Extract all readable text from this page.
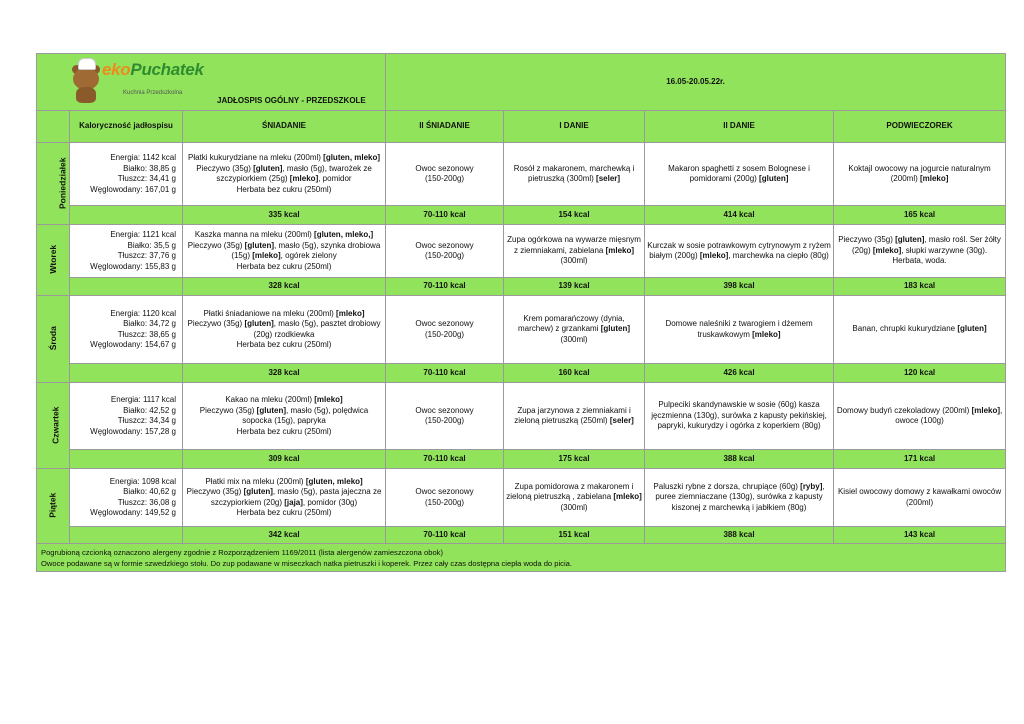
ekoPuchatek
Kuchnia Przedszkolna
JADŁOSPIS OGÓLNY - PRZEDSZKOLE			16.05-20.05.22r.			
	Kaloryczność jadłospisu	ŚNIADANIE	II ŚNIADANIE	I DANIE	II DANIE	PODWIECZOREK
Poniedziałek	Energia: 1142 kcal
Białko: 38,85 g
Tłuszcz: 34,41 g
Węglowodany: 167,01 g	Płatki kukurydziane na mleku (200ml) [gluten, mleko]
Pieczywo (35g) [gluten], masło (5g), twarożek ze szczypiorkiem (25g) [mleko], pomidor
Herbata bez cukru (250ml)	Owoc sezonowy
(150-200g)	Rosół z makaronem, marchewką i pietruszką (300ml) [seler]	Makaron spaghetti z sosem Bolognese i pomidorami (200g) [gluten]	Koktajl owocowy na jogurcie naturalnym (200ml) [mleko]

		335 kcal	70-110 kcal	154 kcal	414 kcal	165 kcal
Wtorek	Energia: 1121 kcal
Białko: 35,5 g
Tłuszcz: 37,76 g
Węglowodany: 155,83 g	Kaszka manna na mleku (200ml) [gluten, mleko,]
Pieczywo (35g) [gluten], masło (5g), szynka drobiowa (15g) [mleko], ogórek zielony
Herbata bez cukru (250ml)	Owoc sezonowy
(150-200g)	Zupa ogórkowa na wywarze mięsnym z ziemniakami, zabielana [mleko] (300ml)	Kurczak w sosie potrawkowym cytrynowym z ryżem białym (200g) [mleko], marchewka na ciepło (80g)	Pieczywo (35g) [gluten], masło rośl. Ser żółty (20g) [mleko], słupki warzywne (30g). Herbata, woda.

		328 kcal	70-110 kcal	139 kcal	398 kcal	183 kcal
Środa	Energia: 1120 kcal
Białko: 34,72 g
Tłuszcz: 38,65 g
Węglowodany: 154,67 g	Płatki śniadaniowe na mleku (200ml) [mleko]
Pieczywo (35g) [gluten], masło (5g), pasztet drobiowy (20g) rzodkiewka
Herbata bez cukru (250ml)	Owoc sezonowy
(150-200g)	Krem pomarańczowy (dynia, marchew) z grzankami [gluten] (300ml)	Domowe naleśniki z twarogiem i dżemem truskawkowym [mleko]	Banan, chrupki kukurydziane [gluten]

		328 kcal	70-110 kcal	160 kcal	426 kcal	120 kcal
Czwartek	Energia: 1117 kcal
Białko: 42,52 g
Tłuszcz: 34,34 g
Węglowodany: 157,28 g	Kakao na mleku (200ml) [mleko]
Pieczywo (35g) [gluten], masło (5g), polędwica sopocka (15g), papryka
Herbata bez cukru (250ml)	Owoc sezonowy
(150-200g)	Zupa jarzynowa z ziemniakami i zieloną pietruszką (250ml) [seler]	Pulpeciki skandynawskie w sosie (60g) kasza jęczmienna (130g), surówka z kapusty pekińskiej, papryki, kukurydzy i ogórka z koperkiem (80g)	Domowy budyń czekoladowy (200ml) [mleko], owoce (100g)

		309 kcal	70-110 kcal	175 kcal	388 kcal	171 kcal
Piątek	Energia: 1098 kcal
Białko: 40,62 g
Tłuszcz: 36,08 g
Węglowodany: 149,52 g	Płatki mix na mleku (200ml) [gluten, mleko]
Pieczywo (35g) [gluten], masło (5g), pasta jajeczna ze szczypiorkiem (20g) [jaja], pomidor (30g)
Herbata bez cukru (250ml)	Owoc sezonowy
(150-200g)	Zupa pomidorowa z makaronem i zieloną pietruszką , zabielana [mleko] (300ml)	Paluszki rybne z dorsza, chrupiące (60g) [ryby], puree ziemniaczane (130g), surówka z kapusty kiszonej z marchewką i jabłkiem (80g)	Kisiel owocowy domowy z kawałkami owoców (200ml)

		342 kcal	70-110 kcal	151 kcal	388 kcal	143 kcal

Pogrubioną czcionką oznaczono alergeny zgodnie z Rozporządzeniem 1169/2011 (lista alergenów zamieszczona obok)
Owoce podawane są w formie szwedzkiego stołu. Do zup podawane w miseczkach natka pietruszki i koperek. Przez cały czas dostępna ciepła woda do picia.						
